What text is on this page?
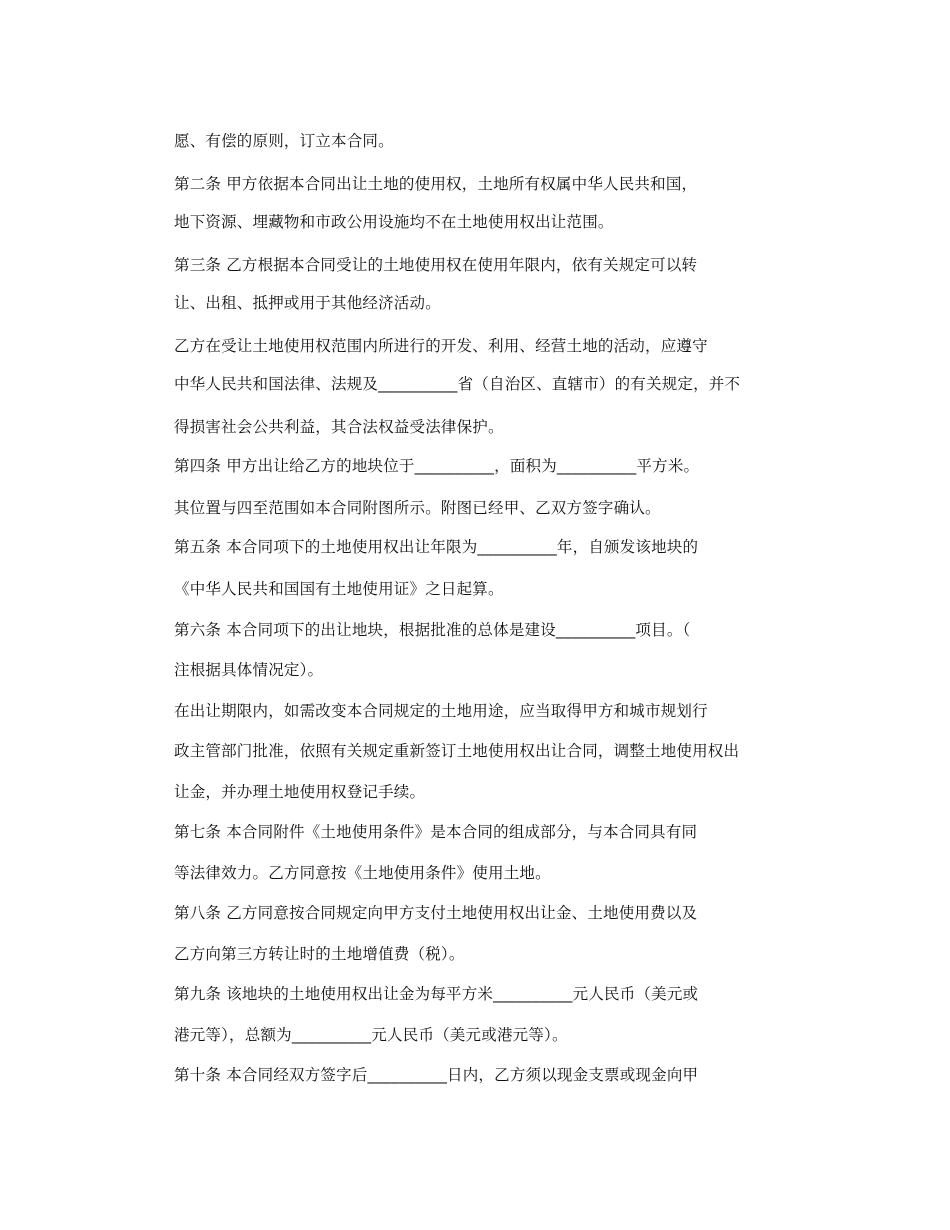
愿、有偿的原则，订立本合同。
第二条 甲方依据本合同出让土地的使用权，土地所有权属中华人民共和国，
地下资源、埋藏物和市政公用设施均不在土地使用权出让范围。
第三条 乙方根据本合同受让的土地使用权在使用年限内，依有关规定可以转
让、出租、抵押或用于其他经济活动。
乙方在受让土地使用权范围内所进行的开发、利用、经营土地的活动，应遵守
中华人民共和国法律、法规及__________省（自治区、直辖市）的有关规定，并不
得损害社会公共利益，其合法权益受法律保护。
第四条 甲方出让给乙方的地块位于__________，面积为__________平方米。
其位置与四至范围如本合同附图所示。附图已经甲、乙双方签字确认。
第五条 本合同项下的土地使用权出让年限为__________年，自颁发该地块的
《中华人民共和国国有土地使用证》之日起算。
第六条 本合同项下的出让地块，根据批准的总体是建设__________项目。（
注根据具体情况定）。
在出让期限内，如需改变本合同规定的土地用途，应当取得甲方和城市规划行
政主管部门批准，依照有关规定重新签订土地使用权出让合同，调整土地使用权出
让金，并办理土地使用权登记手续。
第七条 本合同附件《土地使用条件》是本合同的组成部分，与本合同具有同
等法律效力。乙方同意按《土地使用条件》使用土地。
第八条 乙方同意按合同规定向甲方支付土地使用权出让金、土地使用费以及
乙方向第三方转让时的土地增值费（税）。
第九条 该地块的土地使用权出让金为每平方米__________元人民币（美元或
港元等），总额为__________元人民币（美元或港元等）。
第十条 本合同经双方签字后__________日内，乙方须以现金支票或现金向甲
